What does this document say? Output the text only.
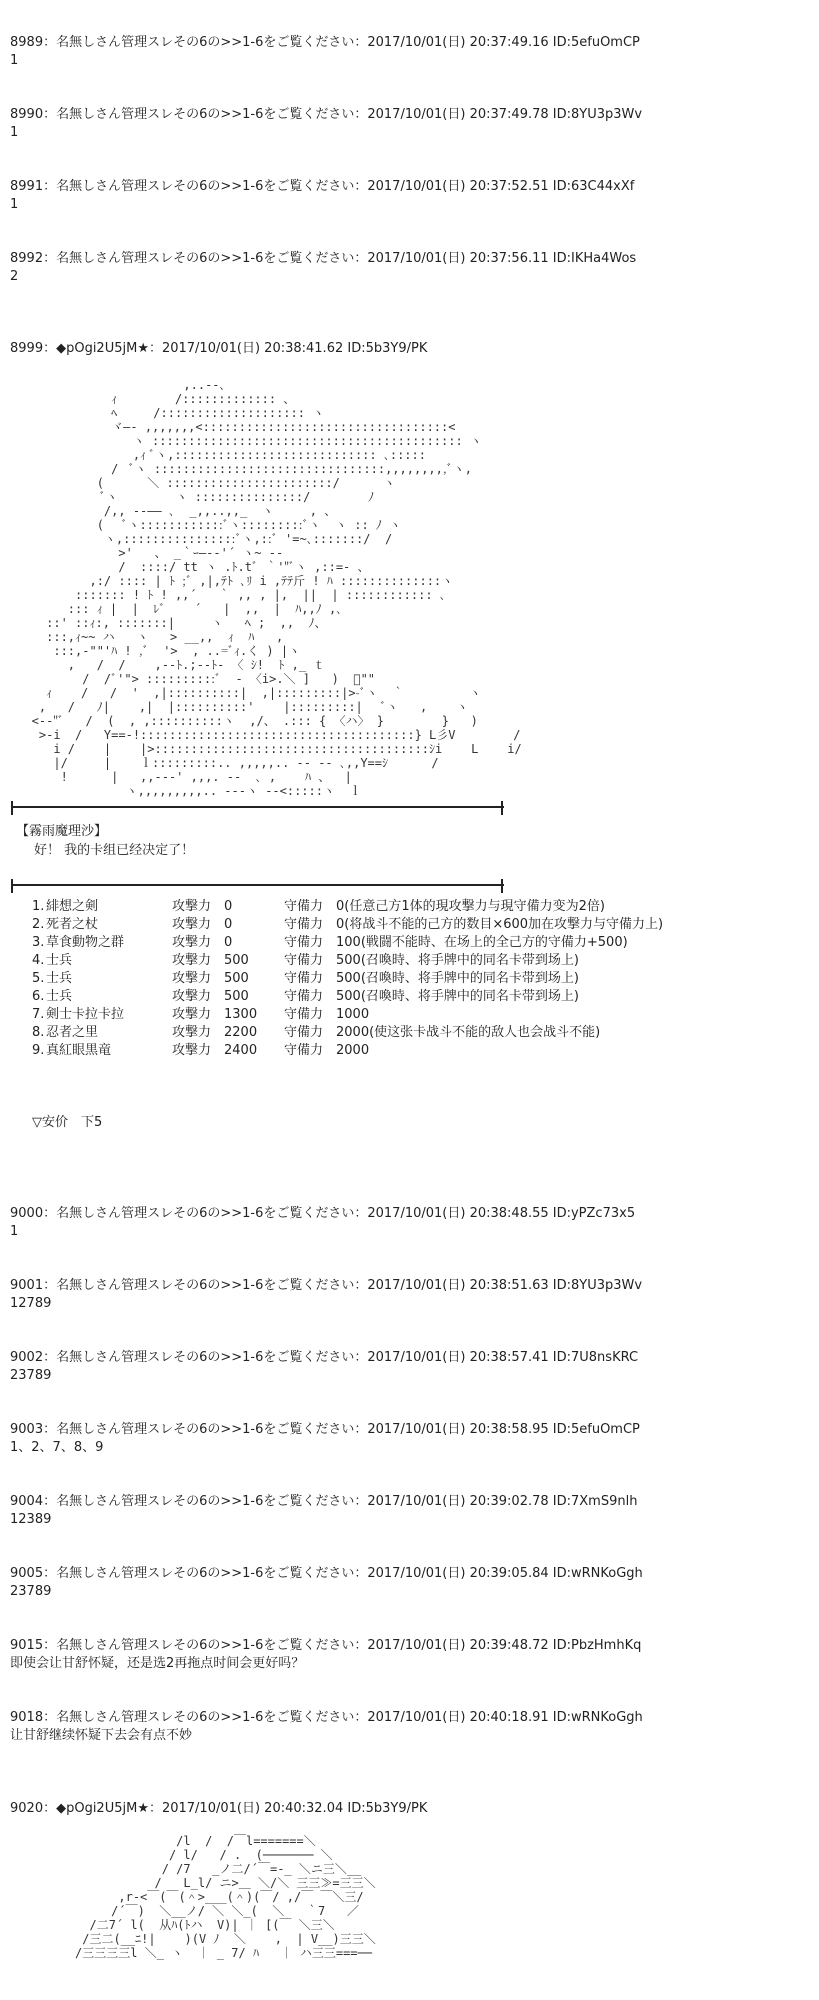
8989：名無しさん管理スレその6の>>1-6をご覧ください：2017/10/01(日) 20:37:49.16 ID:5efuOmCP
1
8990：名無しさん管理スレその6の>>1-6をご覧ください：2017/10/01(日) 20:37:49.78 ID:8YU3p3Wv
1
8991：名無しさん管理スレその6の>>1-6をご覧ください：2017/10/01(日) 20:37:52.51 ID:63C44xXf
1
8992：名無しさん管理スレその6の>>1-6をご覧ください：2017/10/01(日) 20:37:56.11 ID:IKHa4Wos
2
8999：◆pOgi2U5jM★：2017/10/01(日) 20:38:41.62 ID:5b3Y9/PK
,..-‐､
ｨ        /::::::::::::: 、
ﾍ     /:::::::::::::::::::: ヽ
ヾ―‐ ,,,,,,,<::::::::::::::::::::::::::::::::::<
ヽ ::::::::::::::::::::::::::::::::::::::::::: ヽ
,ｨ ﾞヽ,:::::::::::::::::::::::::::: ､:::::
/  ﾞヽ ::::::::::::::::::::::::::::::::,,,,,,,,,ﾞヽ,
(      ＼ :::::::::::::::::::::::/      ヽ
ﾞヽ        ヽ :::::::::::::::/        ﾉ
/,, ‐-―― ､  _,,..,,_  ヽ     , 、
(   ﾞヽ::::::::::::ﾞヽ:::::::::ﾞヽ  ヽ :: ﾉ ヽ
ヽ,::::::::::::::::ﾞヽ,::ﾞ '=~､:::::::/  /
>'   、 _｀ｰ―-‐'´ ヽ~ ‐-
/  ::::/ tt ヽ .ﾄ.tﾞ ｀'"ﾞヽ ,::=‐ 、
,:/ :::: | ﾄ ;ﾞ ,|,ﾃﾄ ､ﾘ i ,ﾃﾃ斤 ! ﾊ ::::::::::::::ヽ
::::::: ! ﾄ ! ,,´   ｀ ,, , |,  ||  | :::::::::::: ､
::: ｨ |  |  ﾚﾞ    ´   |  ,,  |  ﾊ,,ﾉ ,､
::' ::ｨ:, :::::::|     ヽ   ﾍ ;  ,,  ﾉ、
:::,ｨ~~ ハ   ヽ   > __,,  ｨ  ﾊ   ,
:::,-""'ﾊ ! ,ﾞ  '>  , ..=ﾞｨ.く ) |ヽ
,   /  /    ,--ﾄ.;--ﾄ- 〈 ｼ!  ﾄ ,_ ｔ
/  /ﾞ'"> ::::::::::ﾞ  - 〈i>.＼ ]   )  ﾞ""
ｨ    /   /  '  ,|::::::::::|  ,|:::::::::|>-ﾞヽ  ｀         ヽ
,   /   ﾉ|    ,|  |::::::::::'    |:::::::::|   ﾞヽ   ,    ヽ
<‐‐"ﾞ   /  (  , ,::::::::::ヽ  ,/、 .::: { 〈ハ〉 }        }   )
>‐i  /   Y==‐!::::::::::::::::::::::::::::::::::::::} L彡V        /
i /    |    |>::::::::::::::::::::::::::::::::::::::ｼi    L    i/
|/     |    ｌ:::::::::.. ,,,,,.. ‐‐ ‐‐ ､,,Y==ｼ      /
!      |   ,,‐-‐' ,,,. ‐‐  ､ ,    ﾊ 、  |
ヽ,,,,,,,,,.. ‐‐‐ヽ ‐‐<:::::ヽ  ｌ
【霧雨魔理沙】
好！ 我的卡组已经决定了！
1. 緋想之剣	攻撃力　0	守備力　0(任意己方1体的現攻撃力与現守備力变为2倍)
2. 死者之杖	攻撃力　0	守備力　0(将战斗不能的己方的数目×600加在攻撃力与守備力上)
3. 草食動物之群	攻撃力　0	守備力　100(戦闘不能時、在场上的全己方的守備力+500)
4. 士兵	攻撃力　500	守備力　500(召喚時、将手牌中的同名卡带到场上)
5. 士兵	攻撃力　500	守備力　500(召喚時、将手牌中的同名卡带到场上)
6. 士兵	攻撃力　500	守備力　500(召喚時、将手牌中的同名卡带到场上)
7. 剣士卡拉卡拉	攻撃力　1300 守備力　1000
8. 忍者之里	攻撃力　2200 守備力　2000(使这张卡战斗不能的敌人也会战斗不能)
9. 真紅眼黒竜	攻撃力　2400 守備力　2000
▽安价　下5
9000：名無しさん管理スレその6の>>1-6をご覧ください：2017/10/01(日) 20:38:48.55 ID:yPZc73x5
1
9001：名無しさん管理スレその6の>>1-6をご覧ください：2017/10/01(日) 20:38:51.63 ID:8YU3p3Wv
12789
9002：名無しさん管理スレその6の>>1-6をご覧ください：2017/10/01(日) 20:38:57.41 ID:7U8nsKRC
23789
9003：名無しさん管理スレその6の>>1-6をご覧ください：2017/10/01(日) 20:38:58.95 ID:5efuOmCP
1、2、7、8、9
9004：名無しさん管理スレその6の>>1-6をご覧ください：2017/10/01(日) 20:39:02.78 ID:7XmS9nlh
12389
9005：名無しさん管理スレその6の>>1-6をご覧ください：2017/10/01(日) 20:39:05.84 ID:wRNKoGgh
23789
9015：名無しさん管理スレその6の>>1-6をご覧ください：2017/10/01(日) 20:39:48.72 ID:PbzHmhKq
即使会让甘舒怀疑，还是选2再拖点时间会更好吗？
9018：名無しさん管理スレその6の>>1-6をご覧ください：2017/10/01(日) 20:40:18.91 ID:wRNKoGgh
让甘舒继续怀疑下去会有点不妙
9020：◆pOgi2U5jM★：2017/10/01(日) 20:40:32.04 ID:5b3Y9/PK
/l  /  /￣l=======＼
/ l/   / .  (─────── ＼
/ /7   _ノ二/´￣=-_ ＼ニ三＼__
/   L_l/ ニ>＿ ＼/＼ 三三≫=三三＼
,r‐<￣(￣(＾>___(＾)(￣/ ,/￣ ￣＼三/
/´￣)  ＼__ノ/ ＼ ＼_(  ＼   ｀7   ／
/二7´ l(  从ﾊ(ﾄハ  V)| ｜ [(￣ ＼三＼
/三二(__ﾆ!|    )(V ﾉ  ＼    ,  | V__)三三＼
/三三三三l ＼_ ヽ  ｜ _ 7/ ﾊ   ｜ ハ三三===──
